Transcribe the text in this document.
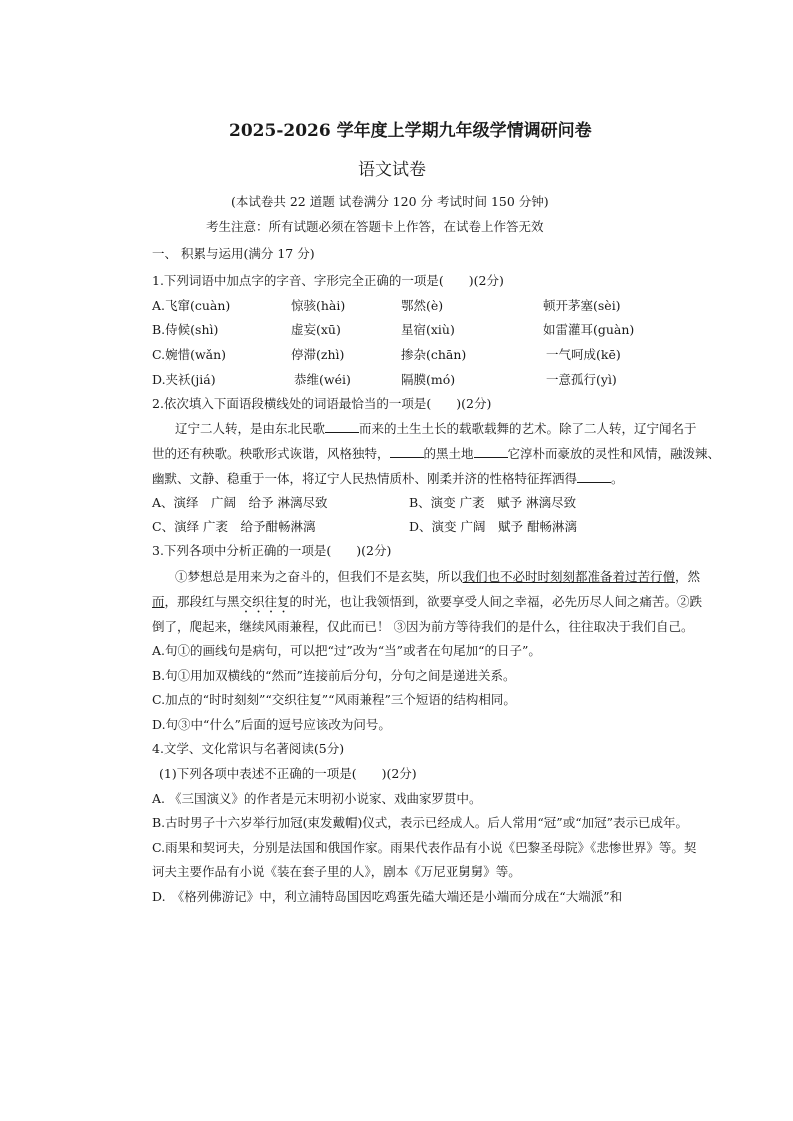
2025-2026 学年度上学期九年级学情调研问卷
语文试卷
(本试卷共 22 道题 试卷满分 120 分 考试时间 150 分钟)
考生注意：所有试题必须在答题卡上作答，在试卷上作答无效
一、 积累与运用(满分 17 分)
1.下列词语中加点字的字音、字形完全正确的一项是(　　)(2分)
A.飞窜(cuàn)	惊骇(hài)	鄂然(è)	顿开茅塞(sèi)
B.侍候(shì)	虚妄(xū)	星宿(xiù)	如雷灌耳(guàn)
C.婉惜(wǎn)	停滞(zhì)	掺杂(chān)	一气呵成(kē)
D.夹袄(jiá)	恭维(wéi)	隔膜(mó)	一意孤行(yì)
2.依次填入下面语段横线处的词语最恰当的一项是(　　)(2分)
辽宁二人转，是由东北民歌	而来的土生土长的载歌载舞的艺术。除了二人转，辽宁闻名于
世的还有秧歌。秧歌形式诙谐，风格独特，	的黑土地	它淳朴而豪放的灵性和风情，融泼辣、
幽默、文静、稳重于一体，将辽宁人民热情质朴、刚柔并济的性格特征挥洒得	。
A、演绎　广阔　给予 淋漓尽致	B、演变 广袤　赋予 淋漓尽致
C、演绎 广袤　给予酣畅淋漓	D、演变 广阔　赋予 酣畅淋漓
3.下列各项中分析正确的一项是(　　)(2分)
①梦想总是用来为之奋斗的，但我们不是玄奘，所以我们也不必时时刻刻都准备着过苦行僧，然
而，那段红与黑交织往复的时光，也让我领悟到，欲要享受人间之幸福，必先历尽人间之痛苦。②跌
倒了，爬起来，继续风雨兼程，仅此而已！ ③因为前方等待我们的是什么，往往取决于我们自己。
A.句①的画线句是病句，可以把“过”改为“当”或者在句尾加“的日子”。
B.句①用加双横线的“然而”连接前后分句，分句之间是递进关系。
C.加点的“时时刻刻”“交织往复”“风雨兼程”三个短语的结构相同。
D.句③中“什么”后面的逗号应该改为问号。
4.文学、文化常识与名著阅读(5分)
(1)下列各项中表述不正确的一项是(　　)(2分)
A. 《三国演义》的作者是元末明初小说家、戏曲家罗贯中。
B.古时男子十六岁举行加冠(束发戴帽)仪式，表示已经成人。后人常用“冠”或“加冠”表示已成年。
C.雨果和契诃夫，分别是法国和俄国作家。雨果代表作品有小说《巴黎圣母院》《悲惨世界》等。契
诃夫主要作品有小说《装在套子里的人》，剧本《万尼亚舅舅》等。
D.　《格列佛游记》中，利立浦特岛国因吃鸡蛋先磕大端还是小端而分成在“大端派”和
